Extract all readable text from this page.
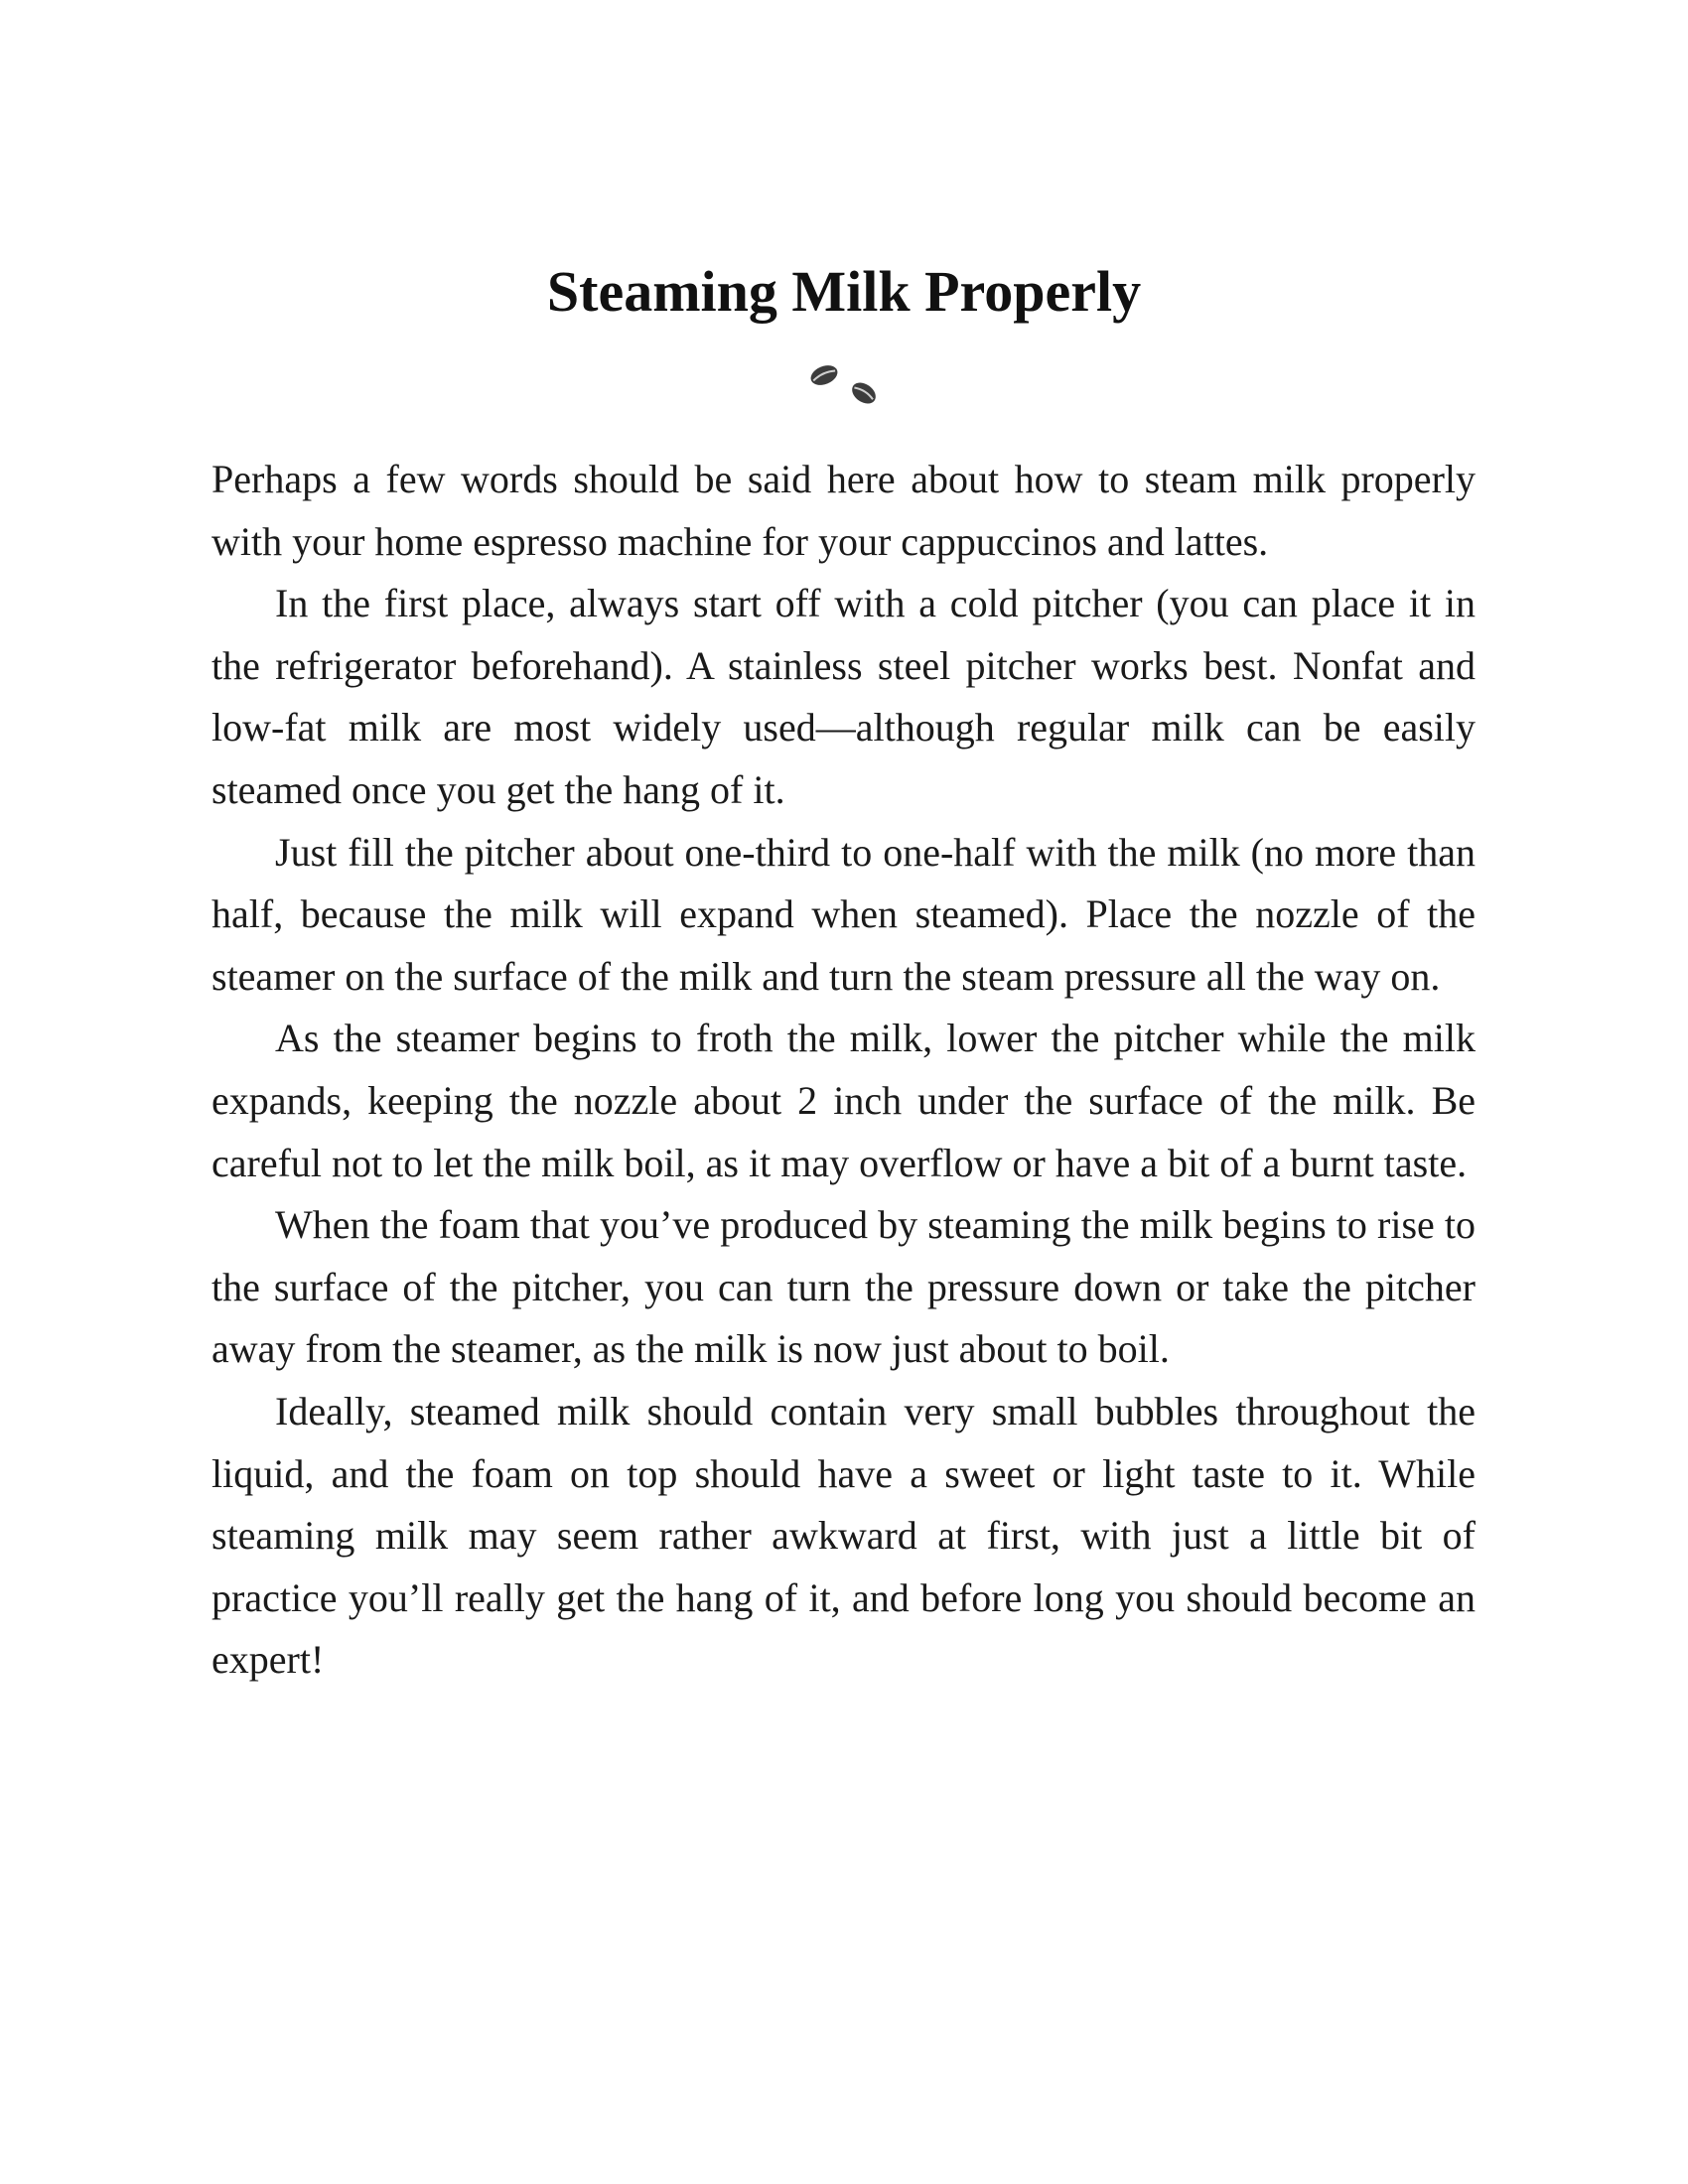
Steaming Milk Properly

Perhaps a few words should be said here about how to steam milk properly with your home espresso machine for your cappuccinos and lattes.

In the first place, always start off with a cold pitcher (you can place it in the refrigerator beforehand). A stainless steel pitcher works best. Nonfat and low-fat milk are most widely used—although regular milk can be easily steamed once you get the hang of it.

Just fill the pitcher about one-third to one-half with the milk (no more than half, because the milk will expand when steamed). Place the nozzle of the steamer on the surface of the milk and turn the steam pressure all the way on.

As the steamer begins to froth the milk, lower the pitcher while the milk expands, keeping the nozzle about 2 inch under the surface of the milk. Be careful not to let the milk boil, as it may overflow or have a bit of a burnt taste.

When the foam that you’ve produced by steaming the milk begins to rise to the surface of the pitcher, you can turn the pressure down or take the pitcher away from the steamer, as the milk is now just about to boil.

Ideally, steamed milk should contain very small bubbles throughout the liquid, and the foam on top should have a sweet or light taste to it. While steaming milk may seem rather awkward at first, with just a little bit of practice you’ll really get the hang of it, and before long you should become an expert!
